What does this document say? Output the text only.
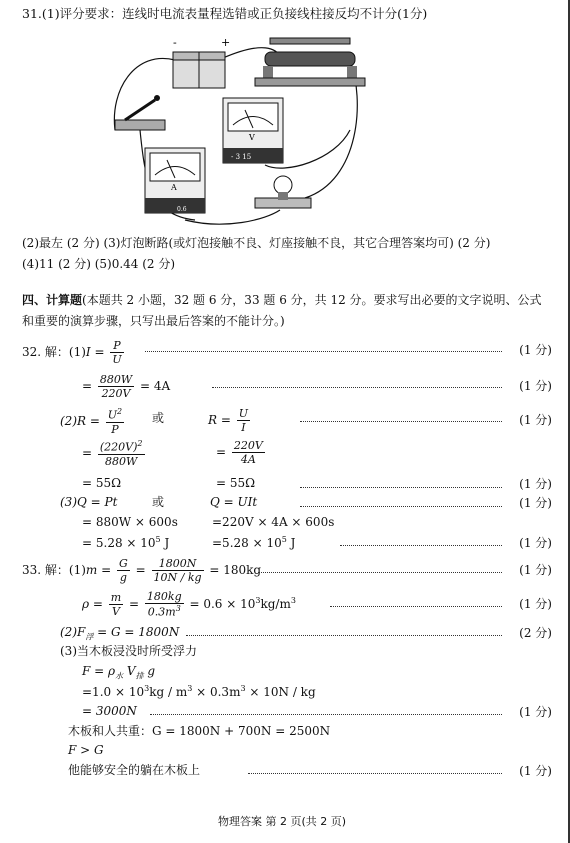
31.(1)评分要求：连线时电流表量程选错或正负接线柱接反均不计分(1分)
-	+
A
0.6
V
- 3 15
(2)最左 (2 分) (3)灯泡断路(或灯泡接触不良、灯座接触不良，其它合理答案均可) (2 分)
(4)11 (2 分) (5)0.44 (2 分)
四、计算题(本题共 2 小题，32 题 6 分，33 题 6 分，共 12 分。要求写出必要的文字说明、公式
和重要的演算步骤，只写出最后答案的不能计分。)
32. 解：$(1)I = \frac{P}{U}$	(1 分)
= $\frac{880W}{220V} = 4A$	(1 分)
$(2)R = \frac{U^2}{P}$ 或	$R = \frac{U}{I}$	(1 分)
= $\frac{(220V)^2}{880W}$	= $\frac{220V}{4A}$
= 55Ω	= 55Ω	(1 分)
(3)Q = Pt	或	Q = UIt	(1 分)
= 880W × 600s	=220V × 4A × 600s
= $5.28 \times 10^5$ J	$=5.28 \times 10^5$ J	(1 分)
33. 解：$(1)m = \frac{G}{g} = \frac{1800N}{10N / kg} = 180kg$	(1 分)
$\rho = \frac{m}{V} = \frac{180kg}{0.3m^3} = 0.6 \times 10^3kg/m^3$	(1 分)
$(2)F_浮 = G = 1800N$	(2 分)
(3)当木板浸没时所受浮力
$F = \rho_水$ $V_排$ g
$=1.0 \times 10^3kg / m^3 \times 0.3m^3 \times 10N$ / kg
= 3000N	(1 分)
木板和人共重：G = 1800N + 700N = 2500N
F > G
他能够安全的躺在木板上	(1 分)
物理答案 第 2 页(共 2 页)
